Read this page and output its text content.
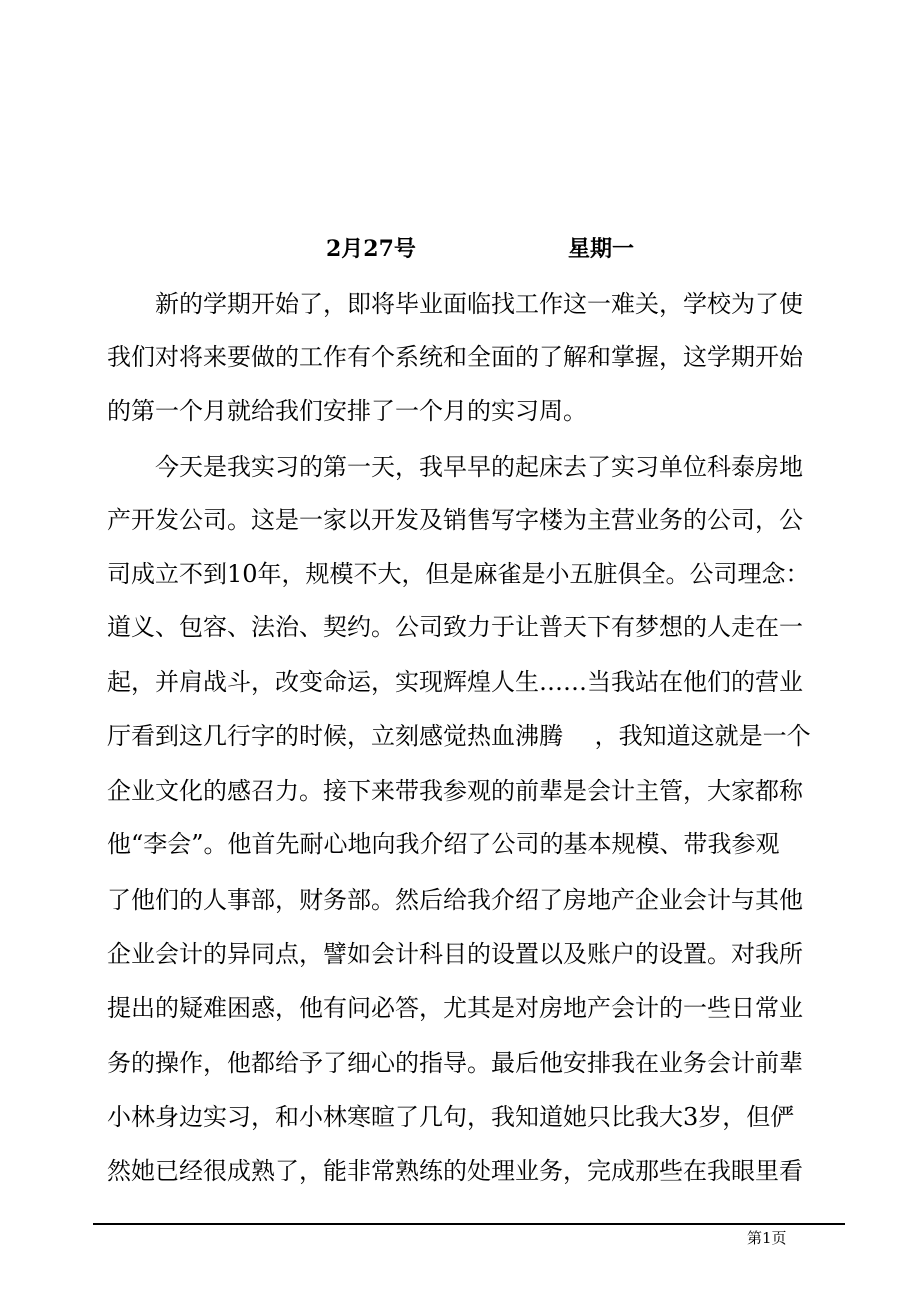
2月27号	星期一
新的学期开始了，即将毕业面临找工作这一难关，学校为了使
我们对将来要做的工作有个系统和全面的了解和掌握，这学期开始
的第一个月就给我们安排了一个月的实习周。
今天是我实习的第一天，我早早的起床去了实习单位科泰房地
产开发公司。这是一家以开发及销售写字楼为主营业务的公司，公
司成立不到10年，规模不大，但是麻雀是小五脏俱全。公司理念：
道义、包容、法治、契约。公司致力于让普天下有梦想的人走在一
起，并肩战斗，改变命运，实现辉煌人生……当我站在他们的营业
厅看到这几行字的时候，立刻感觉热血沸腾　 ，我知道这就是一个
企业文化的感召力。接下来带我参观的前辈是会计主管，大家都称
他“李会”。他首先耐心地向我介绍了公司的基本规模、带我参观
了他们的人事部，财务部。然后给我介绍了房地产企业会计与其他
企业会计的异同点，譬如会计科目的设置以及账户的设置。对我所
提出的疑难困惑，他有问必答，尤其是对房地产会计的一些日常业
务的操作，他都给予了细心的指导。最后他安排我在业务会计前辈
小林身边实习，和小林寒暄了几句，我知道她只比我大3岁，但俨
然她已经很成熟了，能非常熟练的处理业务，完成那些在我眼里看
第1页
